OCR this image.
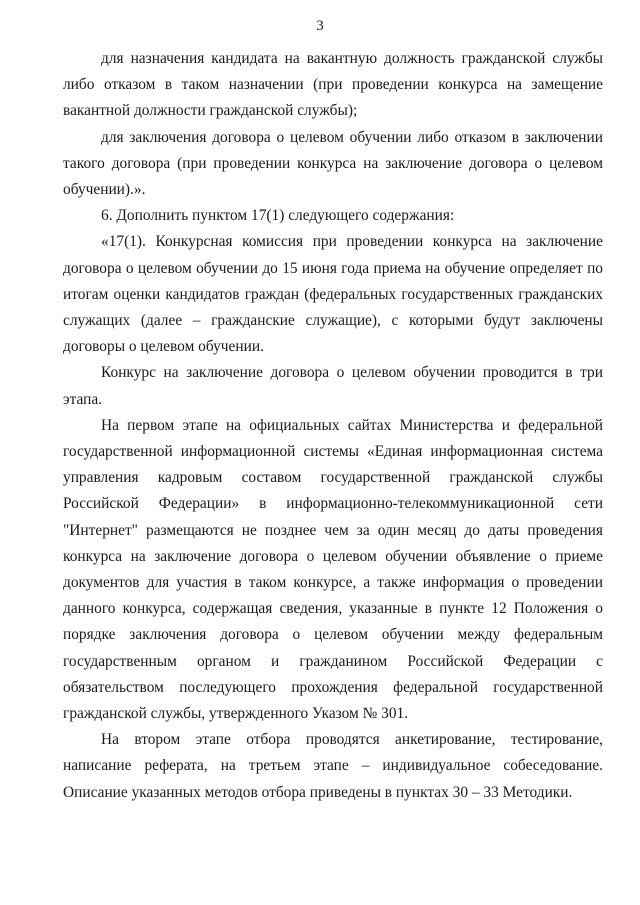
3

для назначения кандидата на вакантную должность гражданской службы либо отказом в таком назначении (при проведении конкурса на замещение вакантной должности гражданской службы);

для заключения договора о целевом обучении либо отказом в заключении такого договора (при проведении конкурса на заключение договора о целевом обучении).».

6. Дополнить пунктом 17(1) следующего содержания:

«17(1). Конкурсная комиссия при проведении конкурса на заключение договора о целевом обучении до 15 июня года приема на обучение определяет по итогам оценки кандидатов граждан (федеральных государственных гражданских служащих (далее – гражданские служащие), с которыми будут заключены договоры о целевом обучении.

Конкурс на заключение договора о целевом обучении проводится в три этапа.

На первом этапе на официальных сайтах Министерства и федеральной государственной информационной системы «Единая информационная система управления кадровым составом государственной гражданской службы Российской Федерации» в информационно-телекоммуникационной сети "Интернет" размещаются не позднее чем за один месяц до даты проведения конкурса на заключение договора о целевом обучении объявление о приеме документов для участия в таком конкурсе, а также информация о проведении данного конкурса, содержащая сведения, указанные в пункте 12 Положения о порядке заключения договора о целевом обучении между федеральным государственным органом и гражданином Российской Федерации с обязательством последующего прохождения федеральной государственной гражданской службы, утвержденного Указом № 301.

На втором этапе отбора проводятся анкетирование, тестирование, написание реферата, на третьем этапе – индивидуальное собеседование. Описание указанных методов отбора приведены в пунктах 30 – 33 Методики.
